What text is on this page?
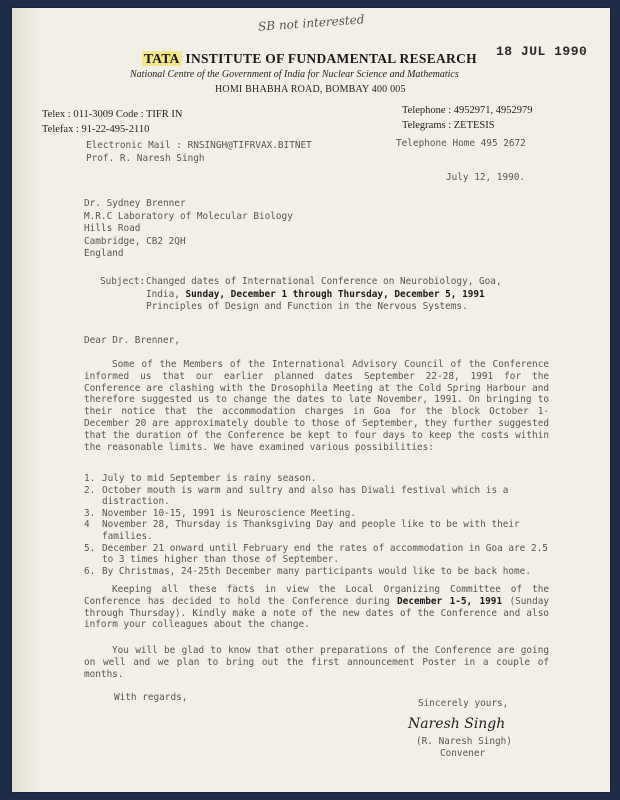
SB not interested
18 JUL 1990
TATA INSTITUTE OF FUNDAMENTAL RESEARCH
National Centre of the Government of India for Nuclear Science and Mathematics
HOMI BHABHA ROAD, BOMBAY 400 005
Telex : 011-3009 Code : TIFR IN
Telefax : 91-22-495-2110
Telephone : 4952971, 4952979
Telegrams : ZETESIS
Electronic Mail : RNSINGH@TIFRVAX.BITNET
Prof. R. Naresh Singh
Telephone Home 495 2672
July 12, 1990.
Dr. Sydney Brenner
M.R.C Laboratory of Molecular Biology
Hills Road
Cambridge, CB2 2QH
England
Subject: Changed dates of International Conference on Neurobiology, Goa,
India, Sunday, December 1 through Thursday, December 5, 1991
Principles of Design and Function in the Nervous Systems.
Dear Dr. Brenner,
Some of the Members of the International Advisory Council of the Conference informed us that our earlier planned dates September 22-28, 1991 for the Conference are clashing with the Drosophila Meeting at the Cold Spring Harbour and therefore suggested us to change the dates to late November, 1991. On bringing to their notice that the accommodation charges in Goa for the block October 1-December 20 are approximately double to those of September, they further suggested that the duration of the Conference be kept to four days to keep the costs within the reasonable limits. We have examined various possibilities:
1. July to mid September is rainy season.
2. October mouth is warm and sultry and also has Diwali festival which is a distraction.
3. November 10-15, 1991 is Neuroscience Meeting.
4	November 28, Thursday is Thanksgiving Day and people like to be with their families.
5. December 21 onward until February end the rates of accommodation in Goa are 2.5 to 3 times higher than those of September.
6. By Christmas, 24-25th December many participants would like to be back home.
Keeping all these facts in view the Local Organizing Committee of the Conference has decided to hold the Conference during December 1-5, 1991 (Sunday through Thursday). Kindly make a note of the new dates of the Conference and also inform your colleagues about the change.
You will be glad to know that other preparations of the Conference are going on well and we plan to bring out the first announcement Poster in a couple of months.
With regards,
Sincerely yours,
Naresh Singh
(R. Naresh Singh)
Convener
